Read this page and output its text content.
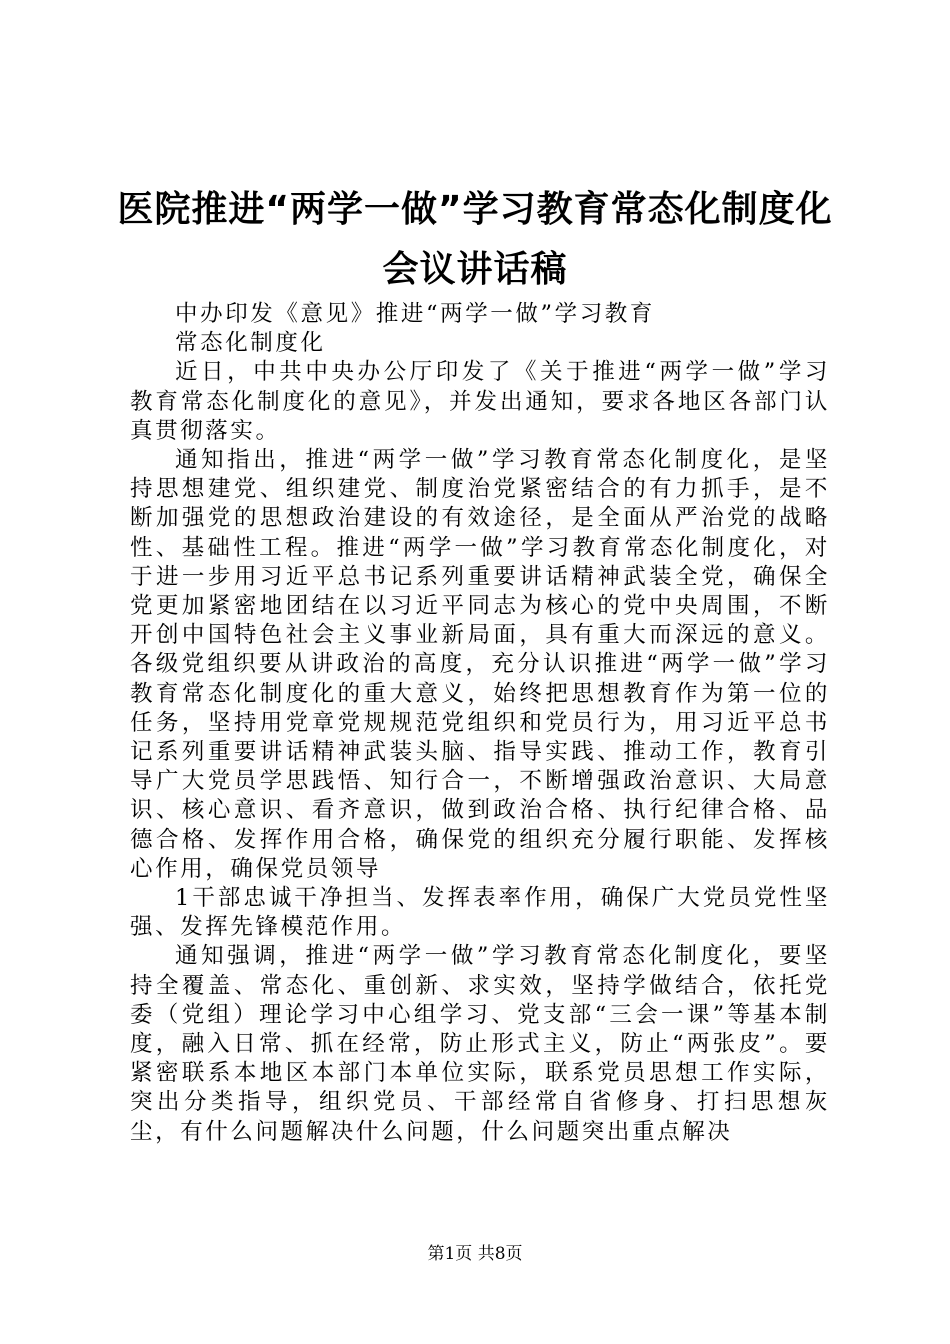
医院推进“两学一做”学习教育常态化制度化
会议讲话稿

中办印发《意见》推进“两学一做”学习教育

常态化制度化

近日，中共中央办公厅印发了《关于推进“两学一做”学习教育常态化制度化的意见》，并发出通知，要求各地区各部门认真贯彻落实。

通知指出，推进“两学一做”学习教育常态化制度化，是坚持思想建党、组织建党、制度治党紧密结合的有力抓手，是不断加强党的思想政治建设的有效途径，是全面从严治党的战略性、基础性工程。推进“两学一做”学习教育常态化制度化，对于进一步用习近平总书记系列重要讲话精神武装全党，确保全党更加紧密地团结在以习近平同志为核心的党中央周围，不断开创中国特色社会主义事业新局面，具有重大而深远的意义。各级党组织要从讲政治的高度，充分认识推进“两学一做”学习教育常态化制度化的重大意义，始终把思想教育作为第一位的任务，坚持用党章党规规范党组织和党员行为，用习近平总书记系列重要讲话精神武装头脑、指导实践、推动工作，教育引导广大党员学思践悟、知行合一，不断增强政治意识、大局意识、核心意识、看齐意识，做到政治合格、执行纪律合格、品德合格、发挥作用合格，确保党的组织充分履行职能、发挥核心作用，确保党员领导

1干部忠诚干净担当、发挥表率作用，确保广大党员党性坚强、发挥先锋模范作用。

通知强调，推进“两学一做”学习教育常态化制度化，要坚持全覆盖、常态化、重创新、求实效，坚持学做结合，依托党委（党组）理论学习中心组学习、党支部“三会一课”等基本制度，融入日常、抓在经常，防止形式主义，防止“两张皮”。要紧密联系本地区本部门本单位实际，联系党员思想工作实际，突出分类指导，组织党员、干部经常自省修身、打扫思想灰尘，有什么问题解决什么问题，什么问题突出重点解决

第1页 共8页
